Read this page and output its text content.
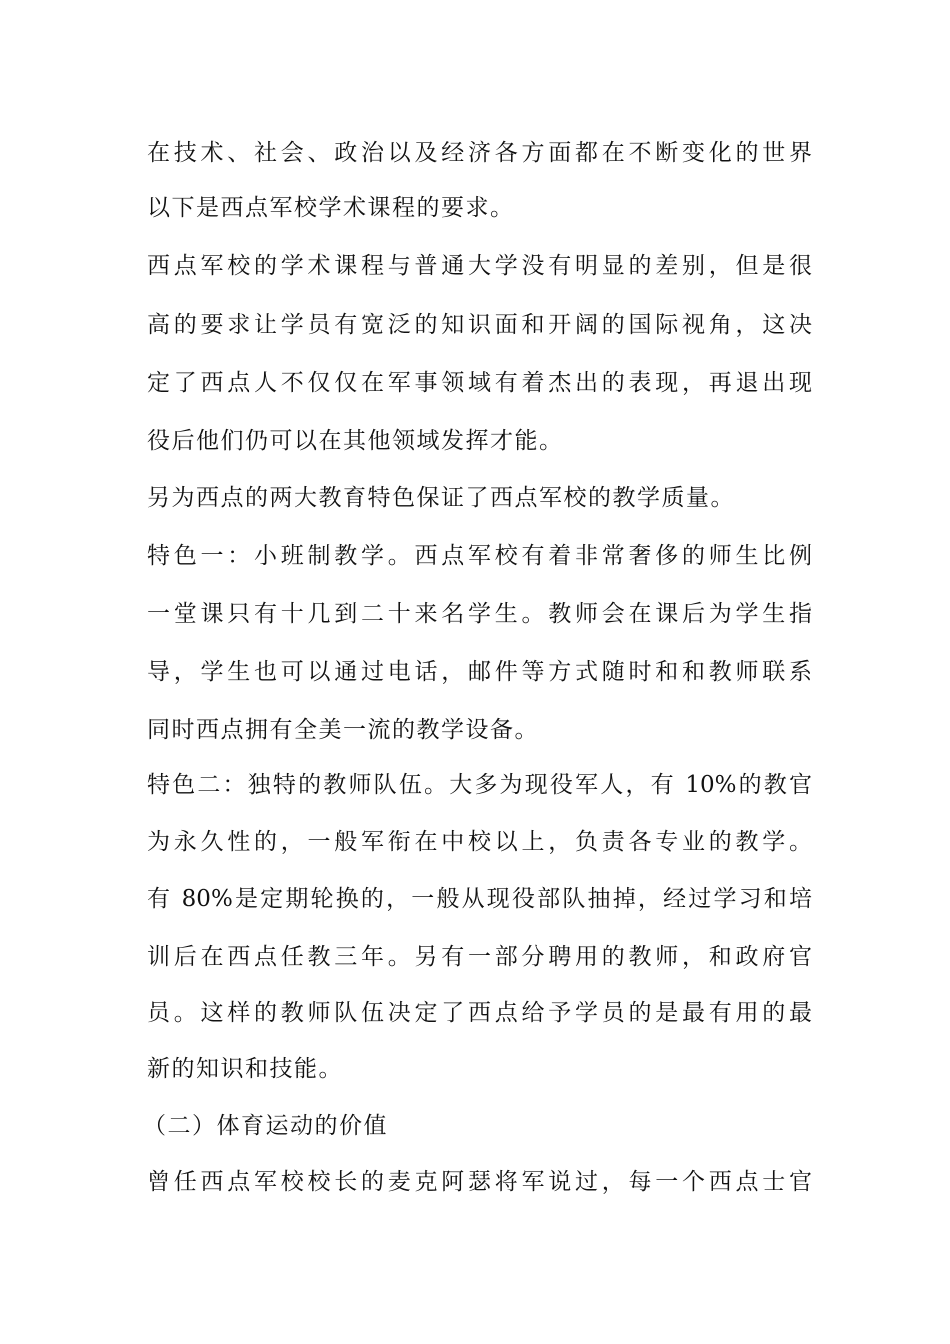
在技术、社会、政治以及经济各方面都在不断变化的世界
以下是西点军校学术课程的要求。
西点军校的学术课程与普通大学没有明显的差别，但是很
高的要求让学员有宽泛的知识面和开阔的国际视角，这决
定了西点人不仅仅在军事领域有着杰出的表现，再退出现
役后他们仍可以在其他领域发挥才能。
另为西点的两大教育特色保证了西点军校的教学质量。
特色一：小班制教学。西点军校有着非常奢侈的师生比例
一堂课只有十几到二十来名学生。教师会在课后为学生指
导，学生也可以通过电话，邮件等方式随时和和教师联系
同时西点拥有全美一流的教学设备。
特色二：独特的教师队伍。大多为现役军人，有 10%的教官
为永久性的，一般军衔在中校以上，负责各专业的教学。
有 80%是定期轮换的，一般从现役部队抽掉，经过学习和培
训后在西点任教三年。另有一部分聘用的教师，和政府官
员。这样的教师队伍决定了西点给予学员的是最有用的最
新的知识和技能。
（二）体育运动的价值
曾任西点军校校长的麦克阿瑟将军说过，每一个西点士官
